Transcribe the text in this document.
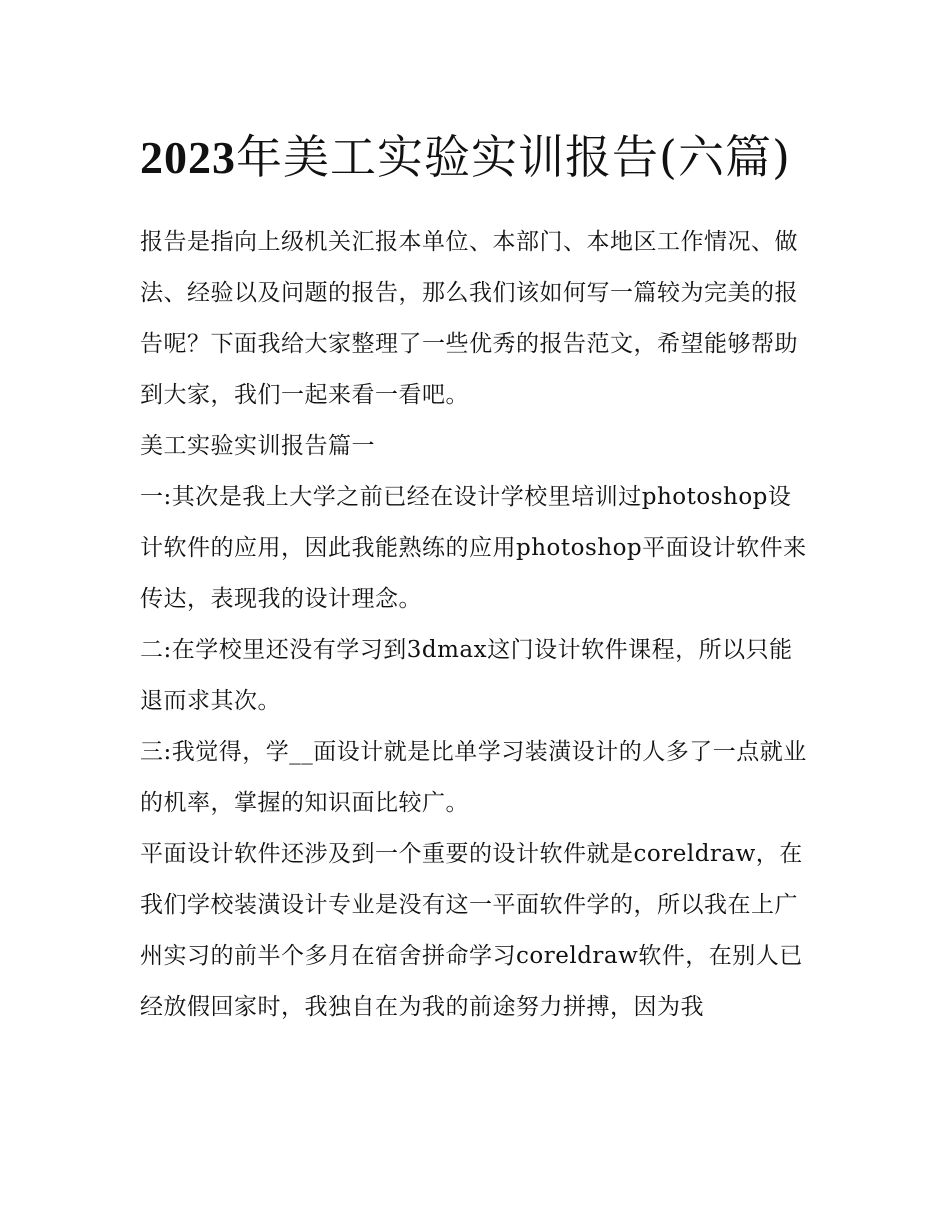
2023年美工实验实训报告(六篇)

报告是指向上级机关汇报本单位、本部门、本地区工作情况、做法、经验以及问题的报告，那么我们该如何写一篇较为完美的报告呢？下面我给大家整理了一些优秀的报告范文，希望能够帮助到大家，我们一起来看一看吧。

美工实验实训报告篇一

一:其次是我上大学之前已经在设计学校里培训过photoshop设计软件的应用，因此我能熟练的应用photoshop平面设计软件来传达，表现我的设计理念。

二:在学校里还没有学习到3dmax这门设计软件课程，所以只能退而求其次。

三:我觉得，学__面设计就是比单学习装潢设计的人多了一点就业的机率，掌握的知识面比较广。

平面设计软件还涉及到一个重要的设计软件就是coreldraw，在我们学校装潢设计专业是没有这一平面软件学的，所以我在上广州实习的前半个多月在宿舍拼命学习coreldraw软件，在别人已经放假回家时，我独自在为我的前途努力拼搏，因为我
